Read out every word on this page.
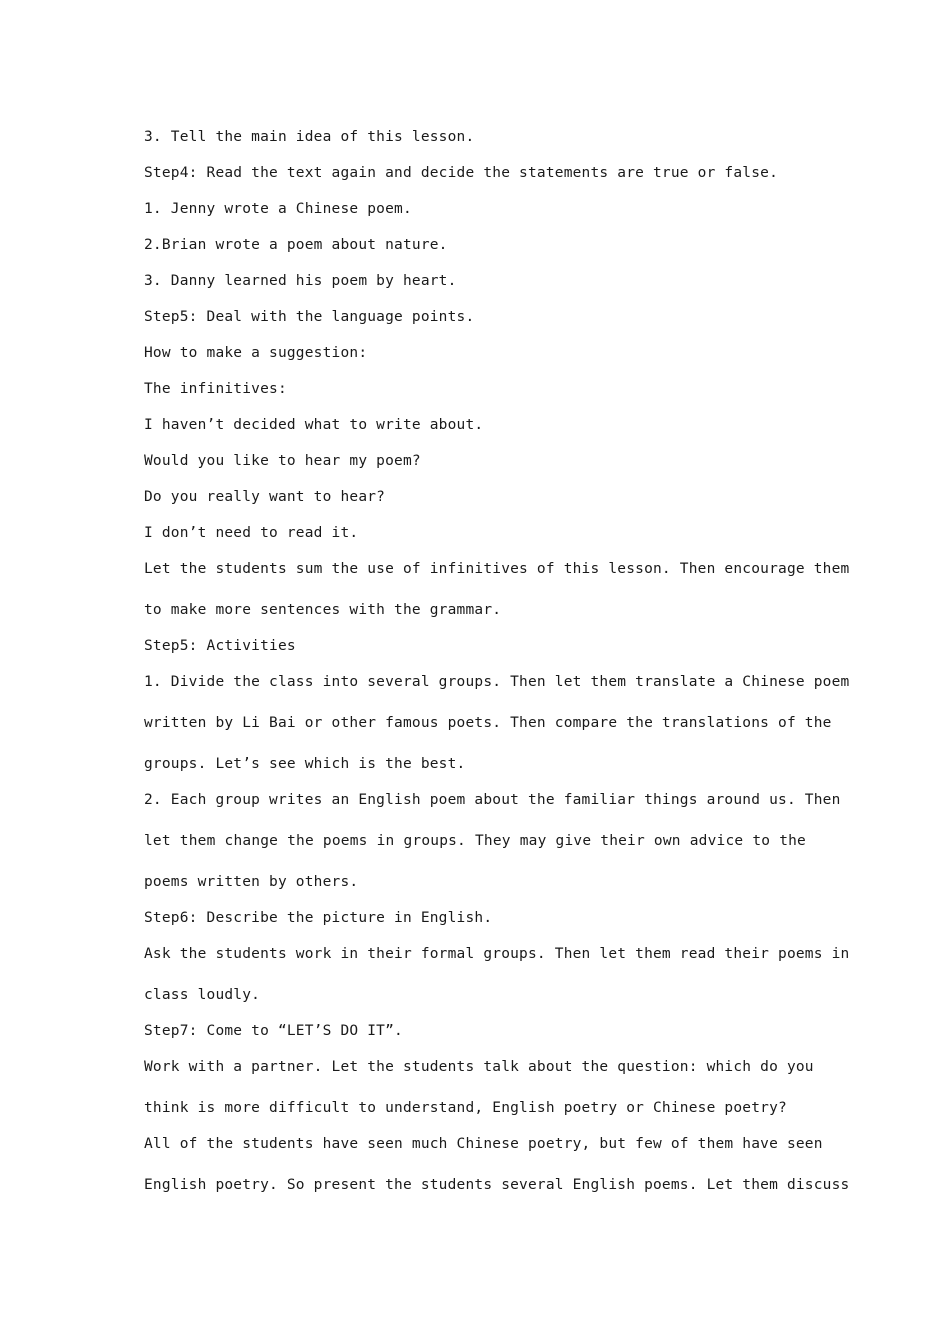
3. Tell the main idea of this lesson.
Step4: Read the text again and decide the statements are true or false.
1. Jenny wrote a Chinese poem.
2.Brian wrote a poem about nature.
3. Danny learned his poem by heart.
Step5: Deal with the language points.
How to make a suggestion:
The infinitives:
I haven’t decided what to write about.
Would you like to hear my poem?
Do you really want to hear?
I don’t need to read it.
Let the students sum the use of infinitives of this lesson. Then encourage them
to make more sentences with the grammar.
Step5: Activities
1. Divide the class into several groups. Then let them translate a Chinese poem
written by Li Bai or other famous poets. Then compare the translations of the
groups. Let’s see which is the best.
2. Each group writes an English poem about the familiar things around us. Then
let them change the poems in groups. They may give their own advice to the
poems written by others.
Step6: Describe the picture in English.
Ask the students work in their formal groups. Then let them read their poems in
class loudly.
Step7: Come to “LET’S DO IT”.
Work with a partner. Let the students talk about the question: which do you
think is more difficult to understand, English poetry or Chinese poetry?
All of the students have seen much Chinese poetry, but few of them have seen
English poetry. So present the students several English poems. Let them discuss
